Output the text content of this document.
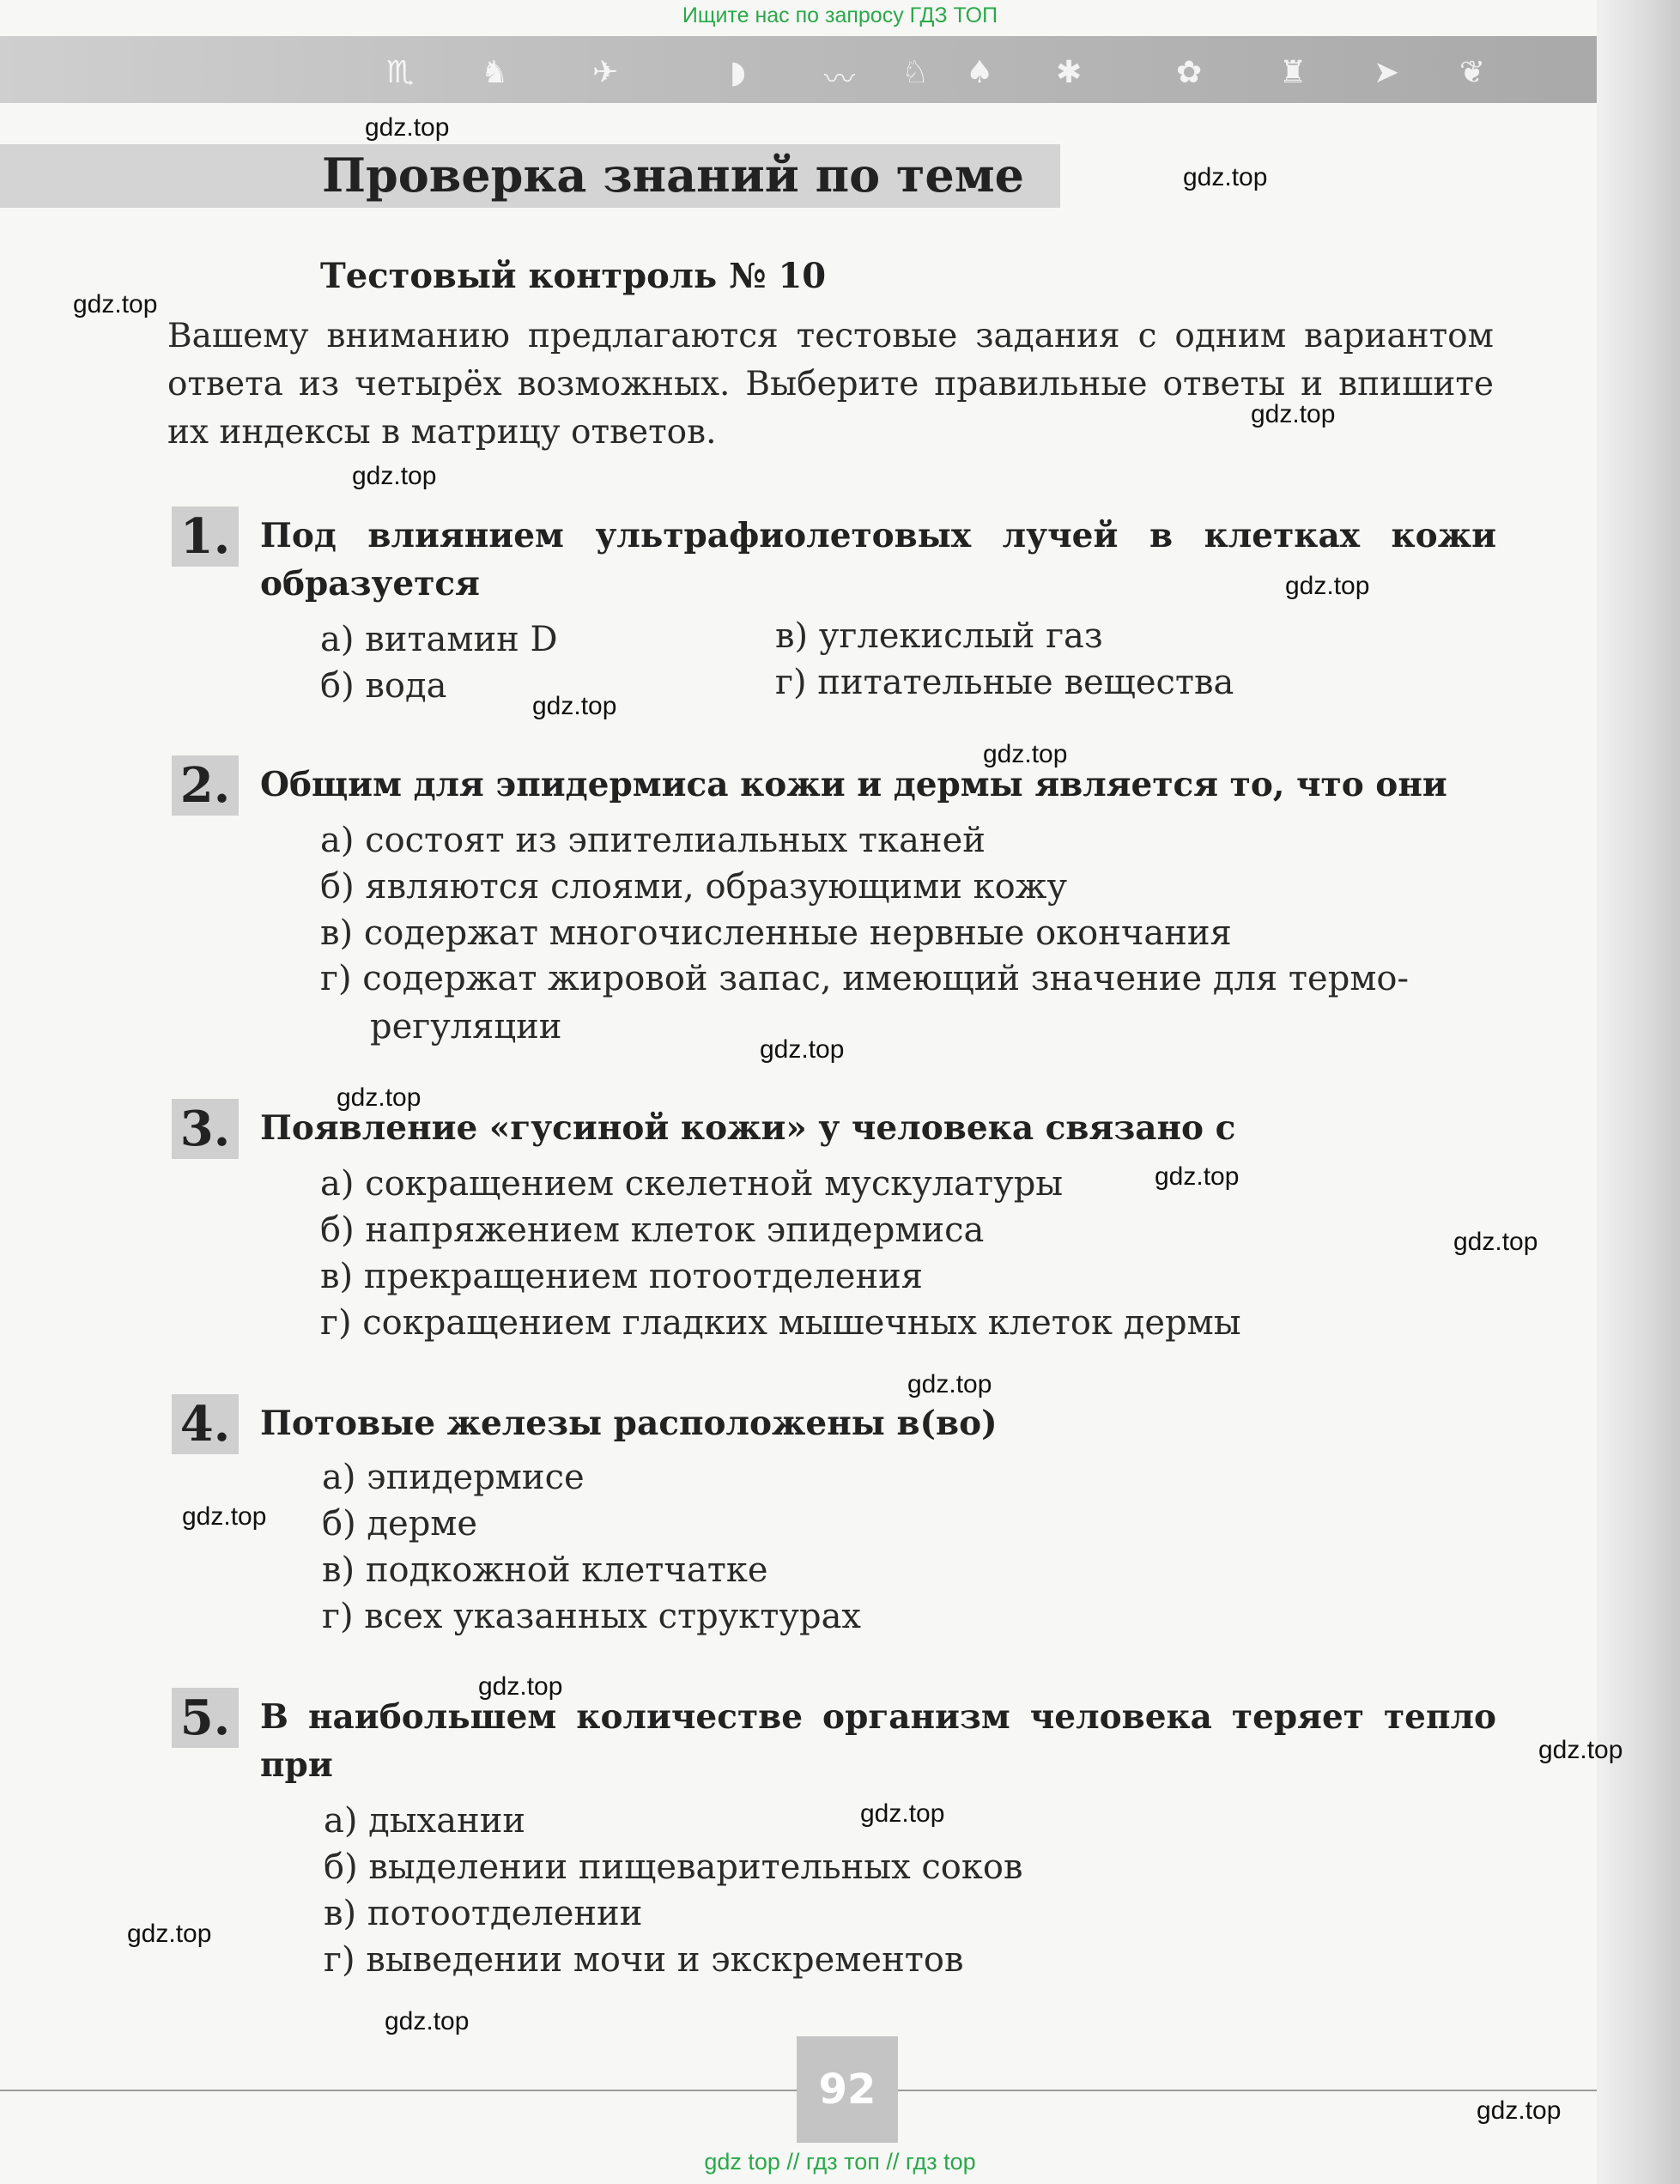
Ищите нас по запросу ГДЗ ТОП
♏ ♞	✈	◗	〰 ♘ ♠ ✱	✿ ♜ ➤ ❦
Проверка знаний по теме
Тестовый контроль № 10
Вашему вниманию предлагаются тестовые задания с одним вариантом ответа из четырёх возможных. Выберите правильные ответы и впишите их индексы в матрицу ответов.
1. Под влиянием ультрафиолетовых лучей в клетках кожи образуется
а) витамин D	в) углекислый газ
б) вода	г) питательные вещества
2. Общим для эпидермиса кожи и дермы является то, что они
а) состоят из эпителиальных тканей
б) являются слоями, образующими кожу
в) содержат многочисленные нервные окончания
г) содержат жировой запас, имеющий значение для термо-
регуляции
3. Появление «гусиной кожи» у человека связано с
а) сокращением скелетной мускулатуры
б) напряжением клеток эпидермиса
в) прекращением потоотделения
г) сокращением гладких мышечных клеток дермы
4. Потовые железы расположены в(во)
а) эпидермисе
б) дерме
в) подкожной клетчатке
г) всех указанных структурах
5. В наибольшем количестве организм человека теряет тепло при
а) дыхании
б) выделении пищеварительных соков
в) потоотделении
г) выведении мочи и экскрементов
gdz.top
gdz.top
gdz.top
gdz.top
gdz.top
gdz.top
gdz.top
gdz.top
gdz.top
gdz.top
gdz.top
gdz.top
gdz.top
gdz.top
gdz.top
gdz.top
gdz.top
gdz.top
gdz.top
gdz.top
92
gdz top // гдз топ // гдз top
